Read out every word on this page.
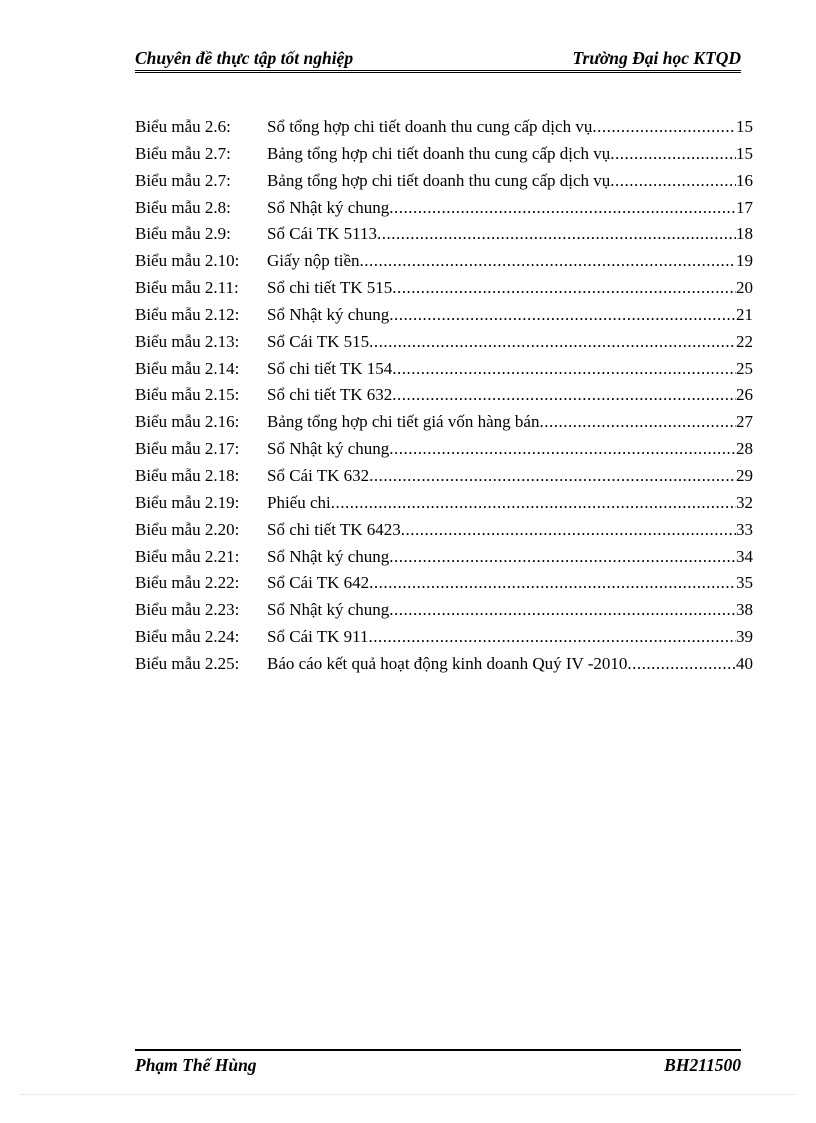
Chuyên đề thực tập tốt nghiệp	Trường Đại học KTQD
Biểu mẫu 2.6:	Sổ tổng hợp chi tiết doanh thu cung cấp dịch vụ .....	15
Biểu mẫu 2.7:	Bảng tổng hợp chi tiết doanh thu cung cấp dịch vụ .....	15
Biểu mẫu 2.7:	Bảng tổng hợp chi tiết doanh thu cung cấp dịch vụ .....	16
Biểu mẫu 2.8:	Sổ Nhật ký chung .....	17
Biểu mẫu 2.9:	Sổ Cái TK 5113 .....	18
Biểu mẫu 2.10:	Giấy nộp tiền .....	19
Biểu mẫu 2.11:	Sổ chi tiết TK 515 .....	20
Biểu mẫu 2.12:	Sổ Nhật ký chung .....	21
Biểu mẫu 2.13:	Sổ Cái TK 515 .....	22
Biểu mẫu 2.14:	Sổ chi tiết TK 154 .....	25
Biểu mẫu 2.15:	Sổ chi tiết TK 632 .....	26
Biểu mẫu 2.16:	Bảng tổng hợp chi tiết giá vốn hàng bán .....	27
Biểu mẫu 2.17:	Sổ Nhật ký chung .....	28
Biểu mẫu 2.18:	Sổ Cái TK 632 .....	29
Biểu mẫu 2.19:	Phiếu chi .....	32
Biểu mẫu 2.20:	Sổ chi tiết TK 6423 .....	33
Biểu mẫu 2.21:	Sổ Nhật ký chung .....	34
Biểu mẫu 2.22:	Sổ Cái TK 642 .....	35
Biểu mẫu 2.23:	Sổ Nhật ký chung .....	38
Biểu mẫu 2.24:	Sổ Cái TK 911 .....	39
Biểu mẫu 2.25:	Báo cáo kết quả hoạt động kinh doanh Quý IV -2010 .....	40
Phạm Thế Hùng	BH211500
